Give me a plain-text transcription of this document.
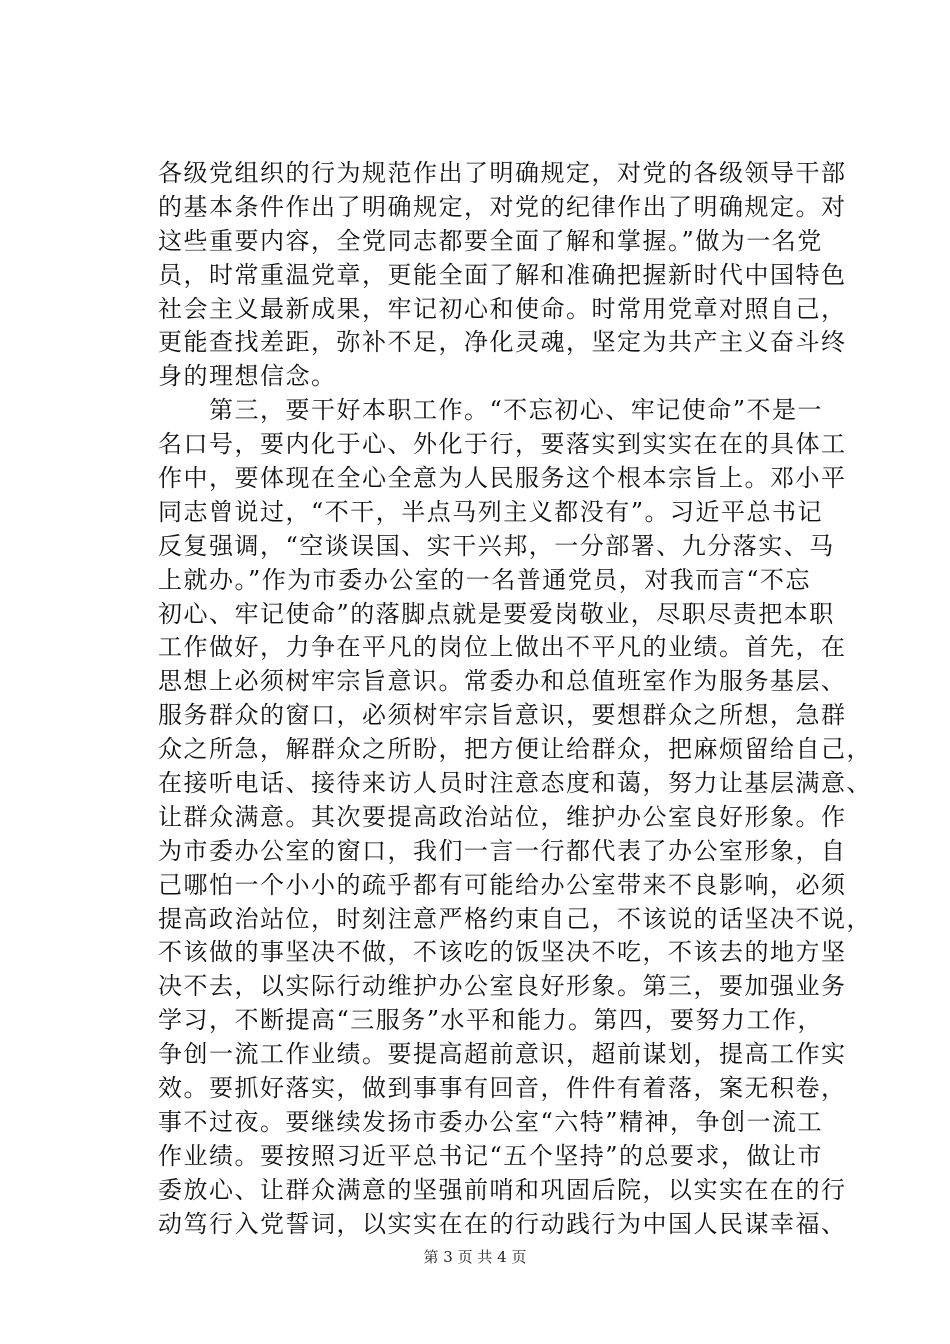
各级党组织的行为规范作出了明确规定，对党的各级领导干部
的基本条件作出了明确规定，对党的纪律作出了明确规定。对
这些重要内容，全党同志都要全面了解和掌握。”做为一名党
员，时常重温党章，更能全面了解和准确把握新时代中国特色
社会主义最新成果，牢记初心和使命。时常用党章对照自己，
更能查找差距，弥补不足，净化灵魂，坚定为共产主义奋斗终
身的理想信念。
　　第三，要干好本职工作。“不忘初心、牢记使命”不是一
名口号，要内化于心、外化于行，要落实到实实在在的具体工
作中，要体现在全心全意为人民服务这个根本宗旨上。邓小平
同志曾说过，“不干，半点马列主义都没有”。习近平总书记
反复强调，“空谈误国、实干兴邦，一分部署、九分落实、马
上就办。”作为市委办公室的一名普通党员，对我而言“不忘
初心、牢记使命”的落脚点就是要爱岗敬业，尽职尽责把本职
工作做好，力争在平凡的岗位上做出不平凡的业绩。首先，在
思想上必须树牢宗旨意识。常委办和总值班室作为服务基层、
服务群众的窗口，必须树牢宗旨意识，要想群众之所想，急群
众之所急，解群众之所盼，把方便让给群众，把麻烦留给自己，
在接听电话、接待来访人员时注意态度和蔼，努力让基层满意、
让群众满意。其次要提高政治站位，维护办公室良好形象。作
为市委办公室的窗口，我们一言一行都代表了办公室形象，自
己哪怕一个小小的疏乎都有可能给办公室带来不良影响，必须
提高政治站位，时刻注意严格约束自己，不该说的话坚决不说，
不该做的事坚决不做，不该吃的饭坚决不吃，不该去的地方坚
决不去，以实际行动维护办公室良好形象。第三，要加强业务
学习，不断提高“三服务”水平和能力。第四，要努力工作，
争创一流工作业绩。要提高超前意识，超前谋划，提高工作实
效。要抓好落实，做到事事有回音，件件有着落，案无积卷，
事不过夜。要继续发扬市委办公室“六特”精神，争创一流工
作业绩。要按照习近平总书记“五个坚持”的总要求，做让市
委放心、让群众满意的坚强前哨和巩固后院，以实实在在的行
动笃行入党誓词，以实实在在的行动践行为中国人民谋幸福、
第 3 页 共 4 页
